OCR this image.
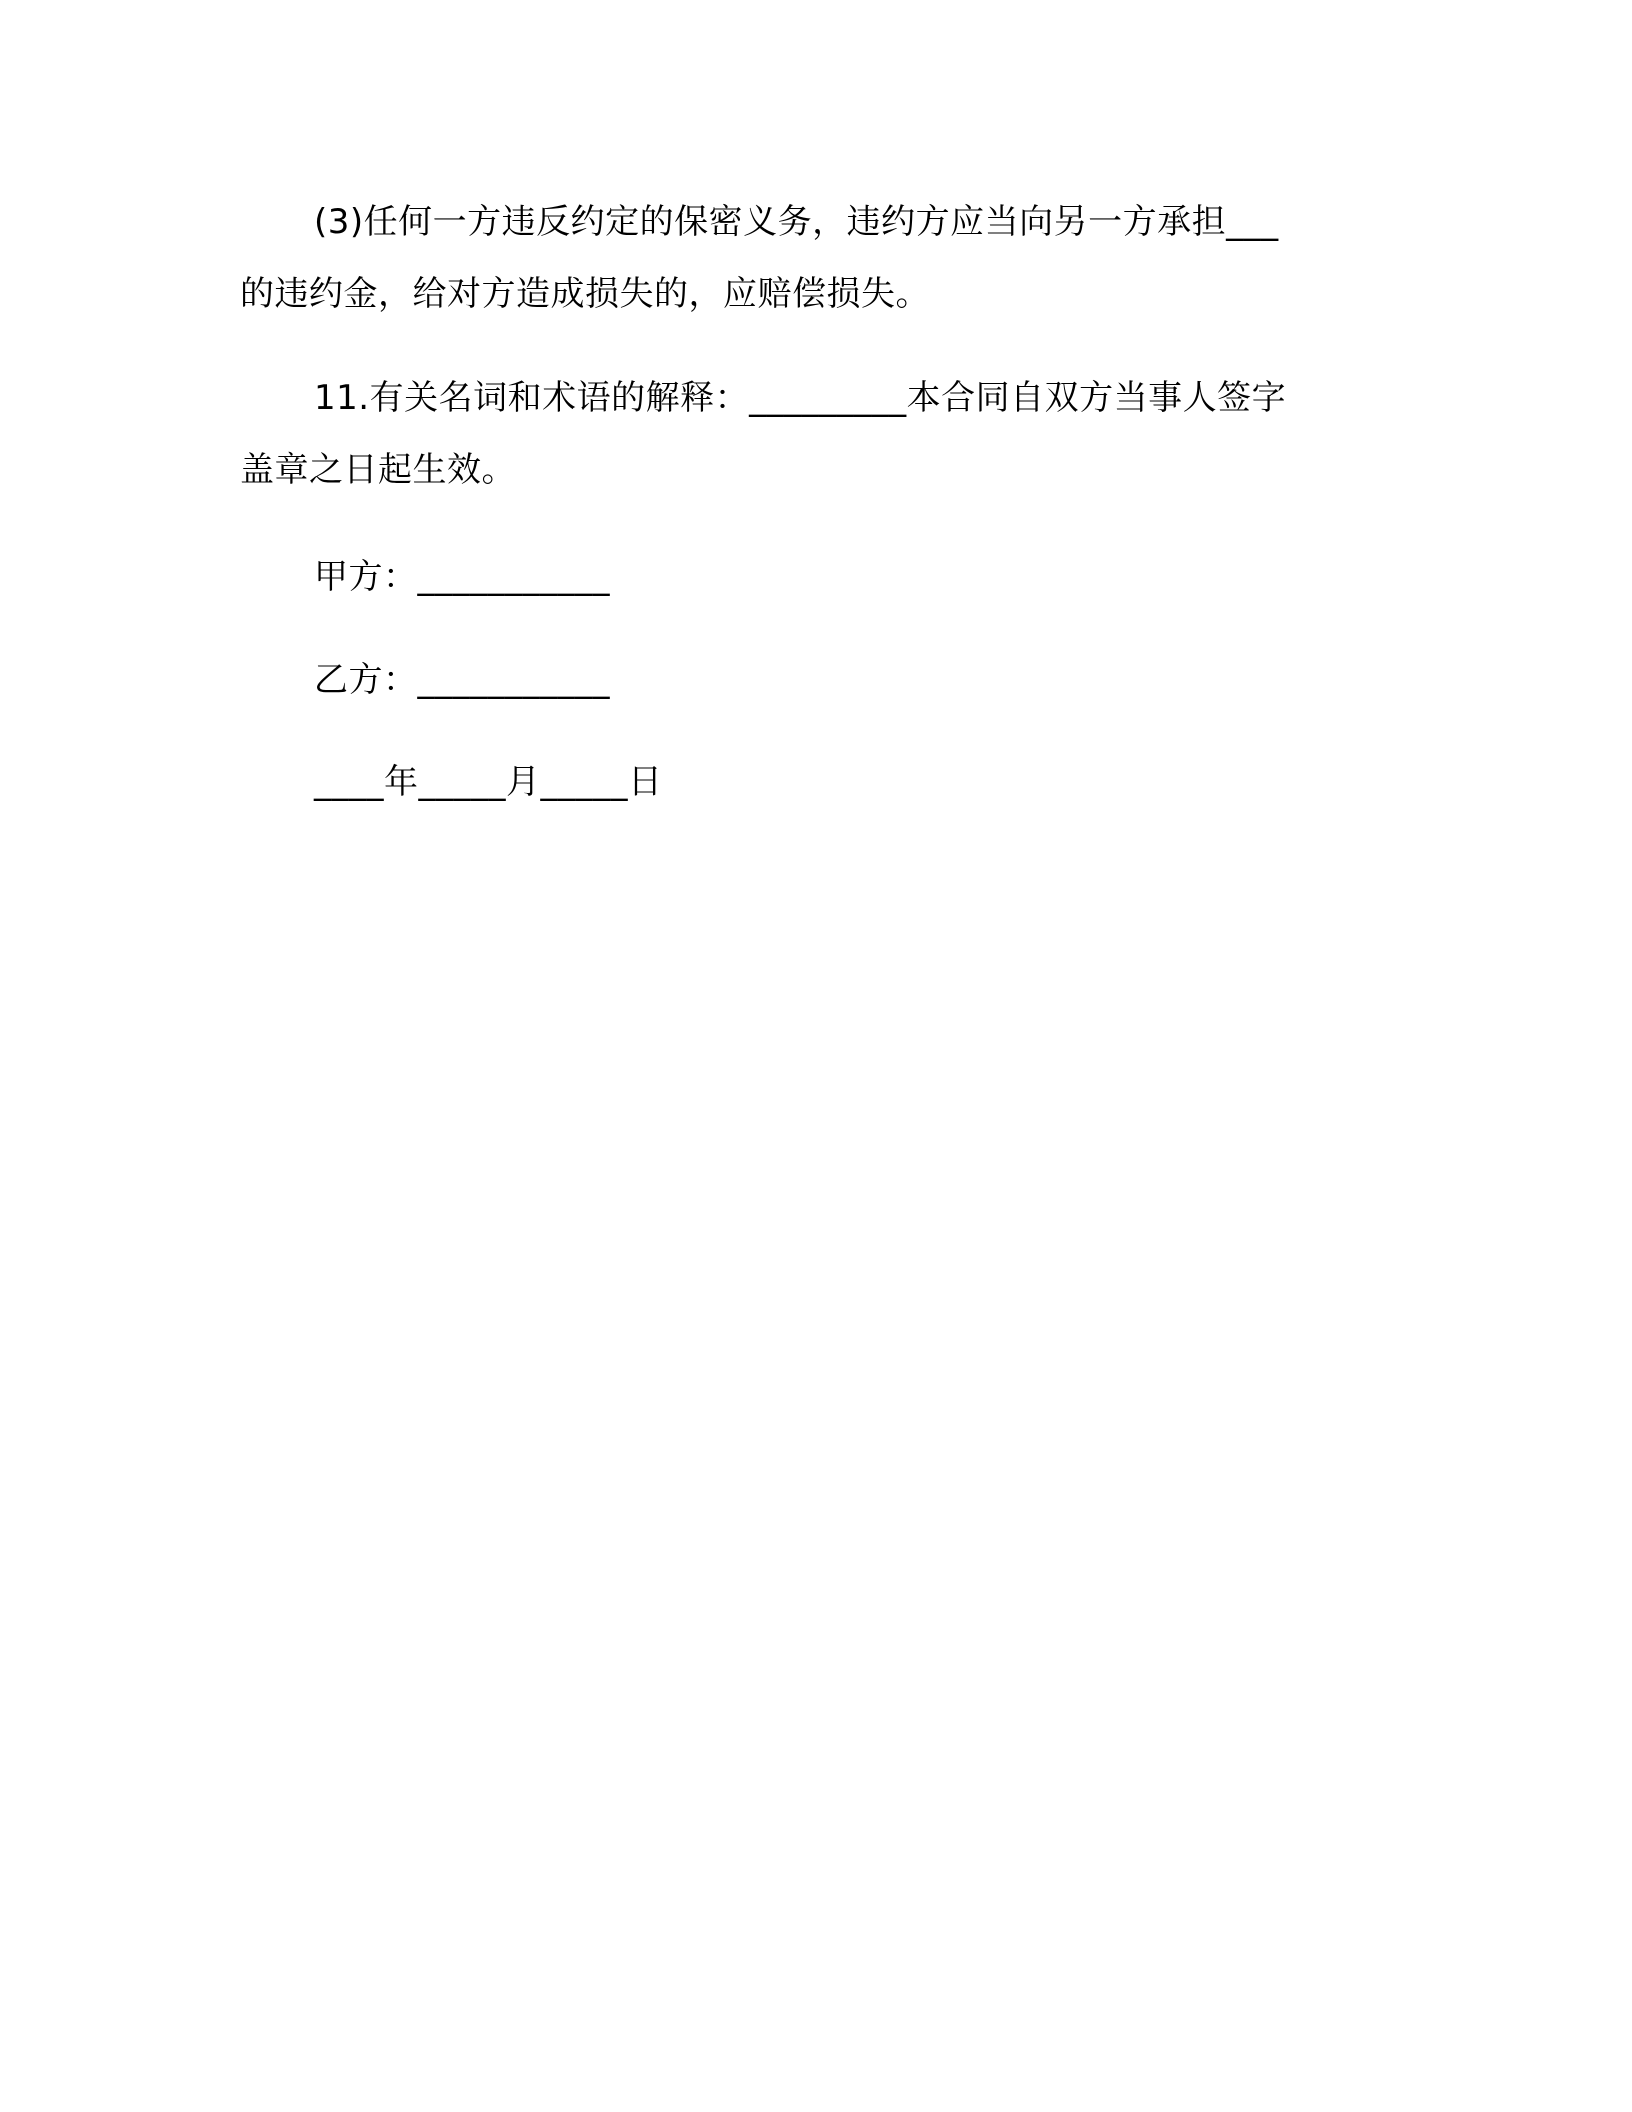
(3)任何一方违反约定的保密义务，违约方应当向另一方承担___
的违约金，给对方造成损失的，应赔偿损失。
11.有关名词和术语的解释：_________本合同自双方当事人签字
盖章之日起生效。
甲方：___________
乙方：___________
____年_____月_____日
